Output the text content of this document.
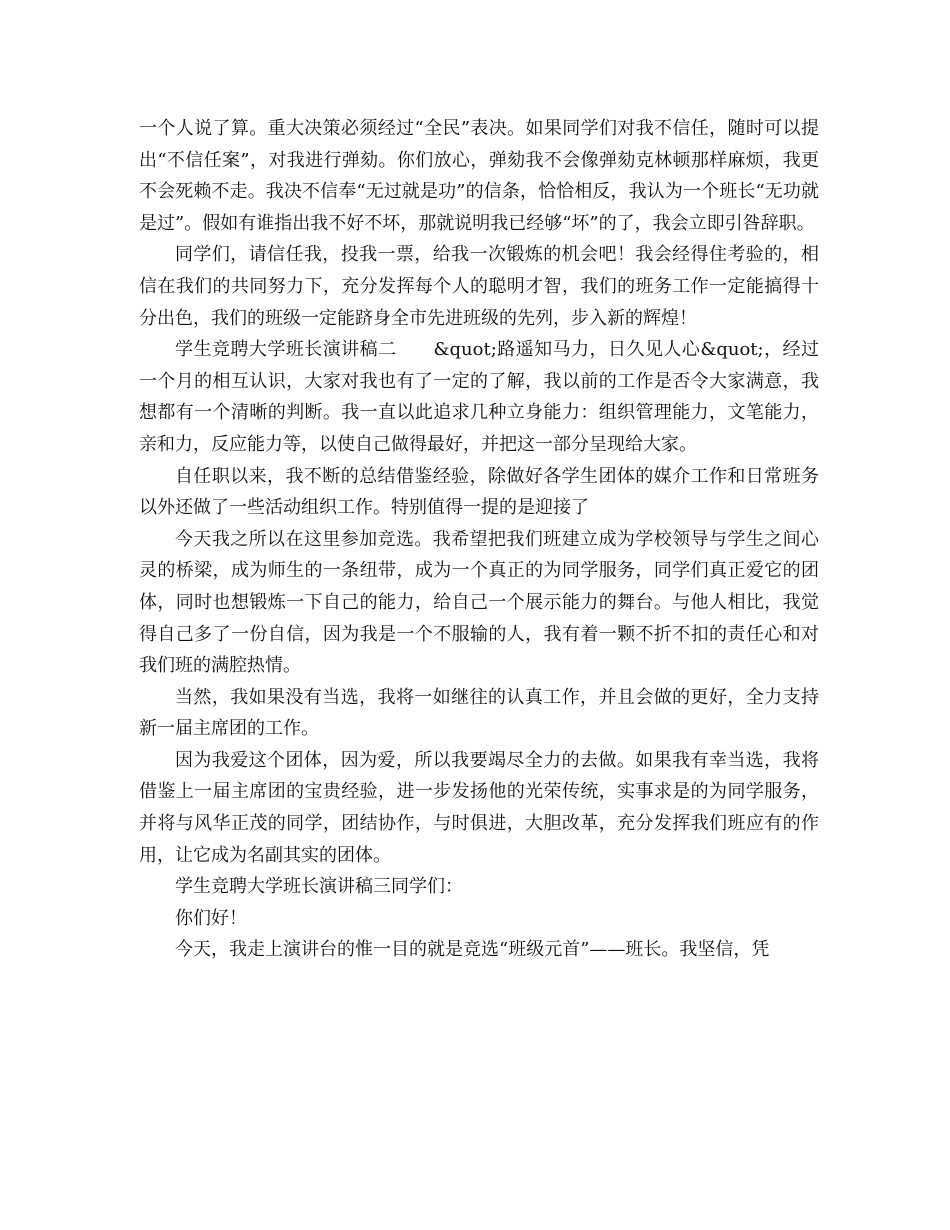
一个人说了算。重大决策必须经过“全民”表决。如果同学们对我不信任，随时可以提出“不信任案”，对我进行弹劾。你们放心，弹劾我不会像弹劾克林顿那样麻烦，我更不会死赖不走。我决不信奉“无过就是功”的信条，恰恰相反，我认为一个班长“无功就是过”。假如有谁指出我不好不坏，那就说明我已经够“坏”的了，我会立即引咎辞职。

同学们，请信任我，投我一票，给我一次锻炼的机会吧！我会经得住考验的，相信在我们的共同努力下，充分发挥每个人的聪明才智，我们的班务工作一定能搞得十分出色，我们的班级一定能跻身全市先进班级的先列，步入新的辉煌！

学生竞聘大学班长演讲稿二　　&quot;路遥知马力，日久见人心&quot;，经过一个月的相互认识，大家对我也有了一定的了解，我以前的工作是否令大家满意，我想都有一个清晰的判断。我一直以此追求几种立身能力：组织管理能力，文笔能力，亲和力，反应能力等，以使自己做得最好，并把这一部分呈现给大家。

自任职以来，我不断的总结借鉴经验，除做好各学生团体的媒介工作和日常班务以外还做了一些活动组织工作。特别值得一提的是迎接了

今天我之所以在这里参加竞选。我希望把我们班建立成为学校领导与学生之间心灵的桥梁，成为师生的一条纽带，成为一个真正的为同学服务，同学们真正爱它的团体，同时也想锻炼一下自己的能力，给自己一个展示能力的舞台。与他人相比，我觉得自己多了一份自信，因为我是一个不服输的人，我有着一颗不折不扣的责任心和对我们班的满腔热情。

当然，我如果没有当选，我将一如继往的认真工作，并且会做的更好，全力支持新一届主席团的工作。

因为我爱这个团体，因为爱，所以我要竭尽全力的去做。如果我有幸当选，我将借鉴上一届主席团的宝贵经验，进一步发扬他的光荣传统，实事求是的为同学服务，并将与风华正茂的同学，团结协作，与时俱进，大胆改革，充分发挥我们班应有的作用，让它成为名副其实的团体。

学生竞聘大学班长演讲稿三同学们：

你们好！

今天，我走上演讲台的惟一目的就是竞选“班级元首”——班长。我坚信，凭
